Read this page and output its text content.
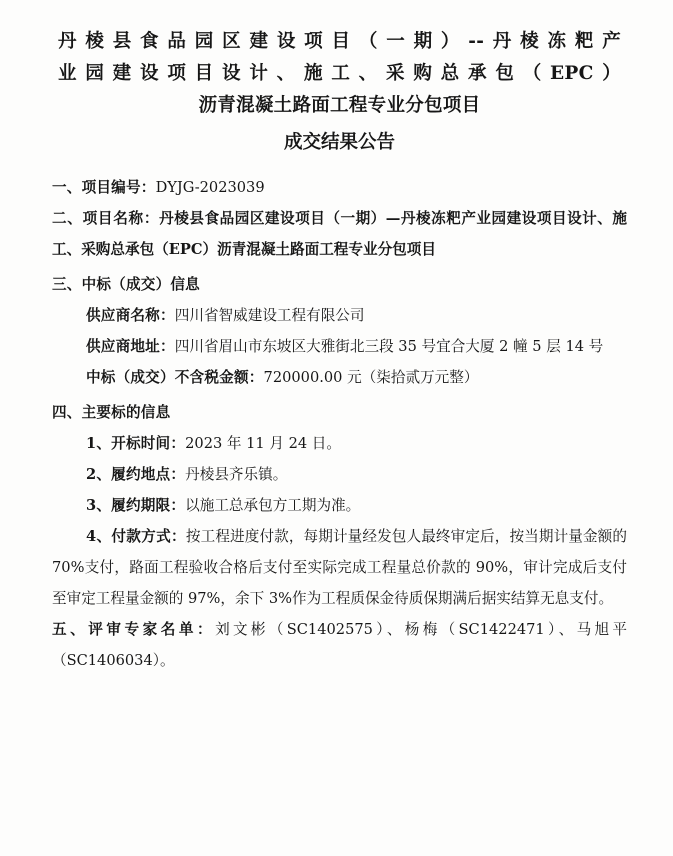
丹棱县食品园区建设项目（一期）--丹棱冻粑产
业园建设项目设计、施工、采购总承包（EPC）
沥青混凝土路面工程专业分包项目
成交结果公告
一、项目编号：DYJG-2023039
二、项目名称：丹棱县食品园区建设项目（一期）—丹棱冻粑产业园建设项目设计、施工、采购总承包（EPC）沥青混凝土路面工程专业分包项目
三、中标（成交）信息
供应商名称：四川省智威建设工程有限公司
供应商地址：四川省眉山市东坡区大雅街北三段 35 号宜合大厦 2 幢 5 层 14 号
中标（成交）不含税金额：720000.00 元（柒拾贰万元整）
四、主要标的信息
1、开标时间：2023 年 11 月 24 日。
2、履约地点：丹棱县齐乐镇。
3、履约期限：以施工总承包方工期为准。
4、付款方式：按工程进度付款，每期计量经发包人最终审定后，按当期计量金额的 70%支付，路面工程验收合格后支付至实际完成工程量总价款的 90%，审计完成后支付至审定工程量金额的 97%，余下 3%作为工程质保金待质保期满后据实结算无息支付。
五、评审专家名单：刘文彬（SC1402575）、杨梅（SC1422471）、马旭平（SC1406034）。
